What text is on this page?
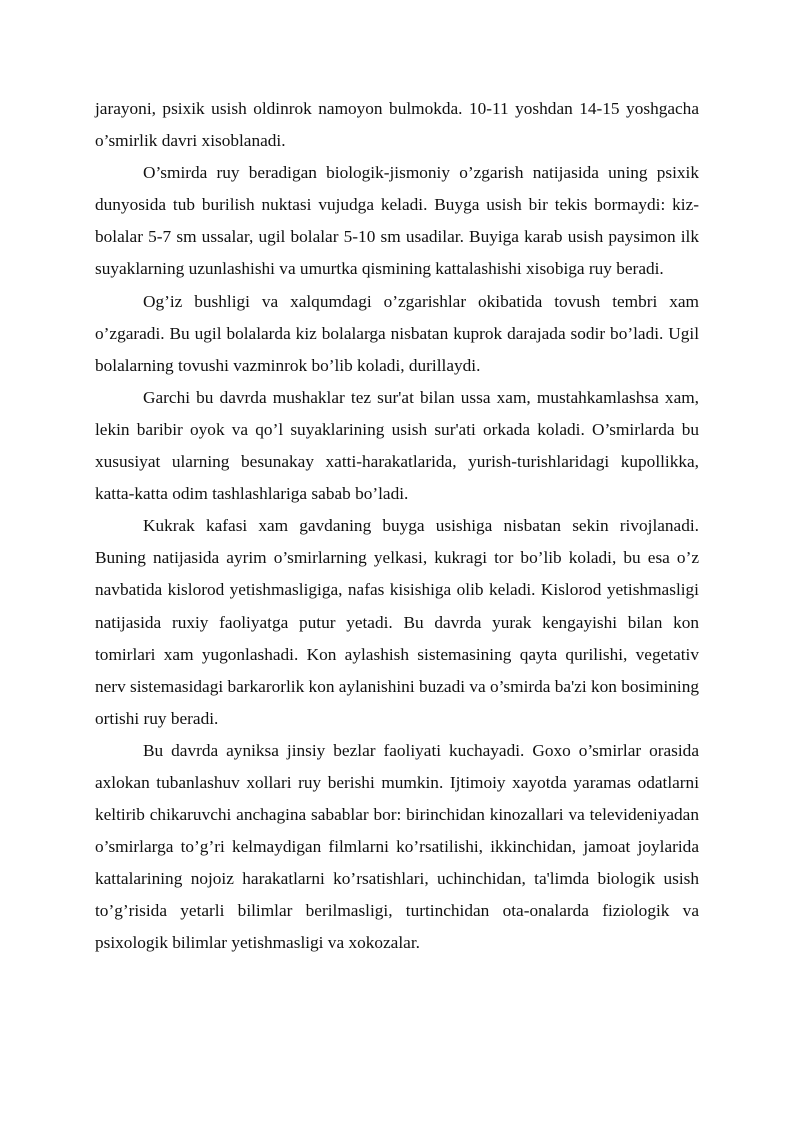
jarayoni, psixik usish oldinrok namoyon bulmokda. 10-11 yoshdan 14-15 yoshgacha o’smirlik davri xisoblanadi.

O’smirda ruy beradigan biologik-jismoniy o’zgarish natijasida uning psixik dunyosida tub burilish nuktasi vujudga keladi. Buyga usish bir tekis bormaydi: kiz-bolalar 5-7 sm ussalar, ugil bolalar 5-10 sm usadilar. Buyiga karab usish paysimon ilk suyaklarning uzunlashishi va umurtka qismining kattalashishi xisobiga ruy beradi.

Og’iz bushligi va xalqumdagi o’zgarishlar okibatida tovush tembri xam o’zgaradi. Bu ugil bolalarda kiz bolalarga nisbatan kuprok darajada sodir bo’ladi. Ugil bolalarning tovushi vazminrok bo’lib koladi, durillaydi.

Garchi bu davrda mushaklar tez sur'at bilan ussa xam, mustahkamlashsa xam, lekin baribir oyok va qo’l suyaklarining usish sur'ati orkada koladi. O’smirlarda bu xususiyat ularning besunakay xatti-harakatlarida, yurish-turishlaridagi kupollikka, katta-katta odim tashlashlariga sabab bo’ladi.

Kukrak kafasi xam gavdaning buyga usishiga nisbatan sekin rivojlanadi. Buning natijasida ayrim o’smirlarning yelkasi, kukragi tor bo’lib koladi, bu esa o’z navbatida kislorod yetishmasligiga, nafas kisishiga olib keladi. Kislorod yetishmasligi natijasida ruxiy faoliyatga putur yetadi. Bu davrda yurak kengayishi bilan kon tomirlari xam yugonlashadi. Kon aylashish sistemasining qayta qurilishi, vegetativ nerv sistemasidagi barkarorlik kon aylanishini buzadi va o’smirda ba'zi kon bosimining ortishi ruy beradi.

Bu davrda ayniksa jinsiy bezlar faoliyati kuchayadi. Goxo o’smirlar orasida axlokan tubanlashuv xollari ruy berishi mumkin. Ijtimoiy xayotda yaramas odatlarni keltirib chikaruvchi anchagina sabablar bor: birinchidan kinozallari va televideniyadan o’smirlarga to’g’ri kelmaydigan filmlarni ko’rsatilishi, ikkinchidan, jamoat joylarida kattalarining nojoiz harakatlarni ko’rsatishlari, uchinchidan, ta'limda biologik usish to’g’risida yetarli bilimlar berilmasligi, turtinchidan ota-onalarda fiziologik va psixologik bilimlar yetishmasligi va xokozalar.
